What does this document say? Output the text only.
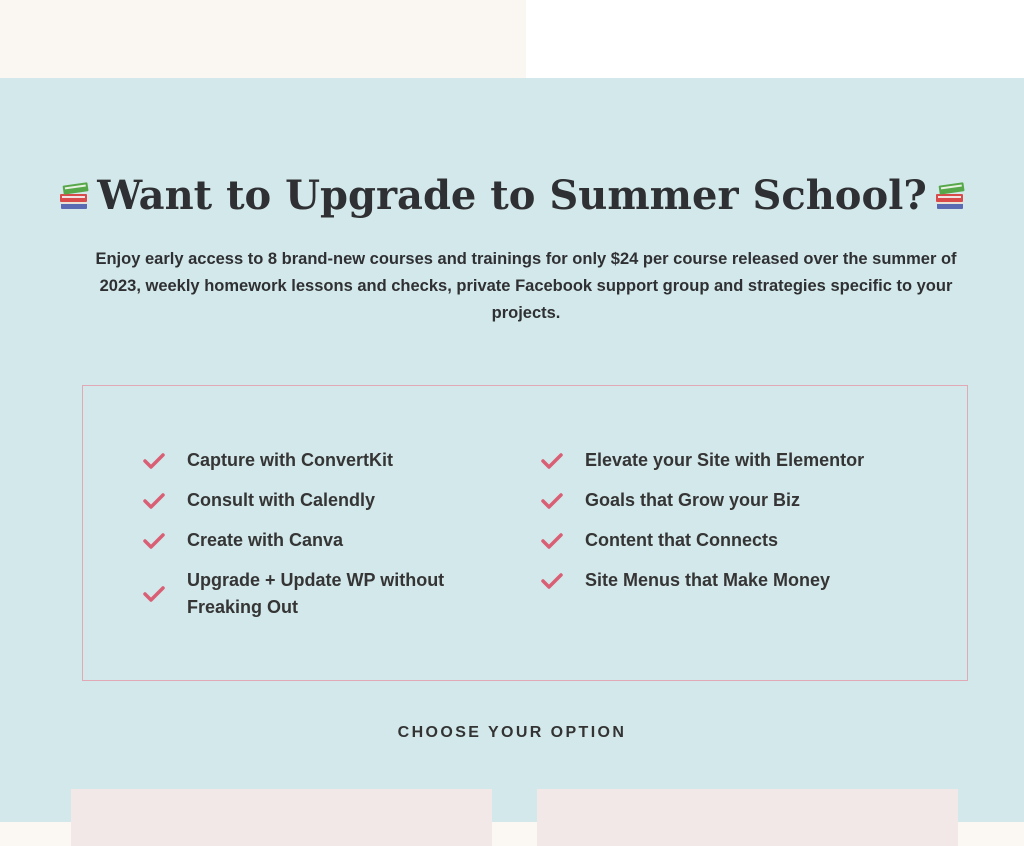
Want to Upgrade to Summer School?

Enjoy early access to 8 brand-new courses and trainings for only $24 per course released over the summer of 2023, weekly homework lessons and checks, private Facebook support group and strategies specific to your projects.

Capture with ConvertKit
Consult with Calendly
Create with Canva
Upgrade + Update WP without Freaking Out
Elevate your Site with Elementor
Goals that Grow your Biz
Content that Connects
Site Menus that Make Money
CHOOSE YOUR OPTION
